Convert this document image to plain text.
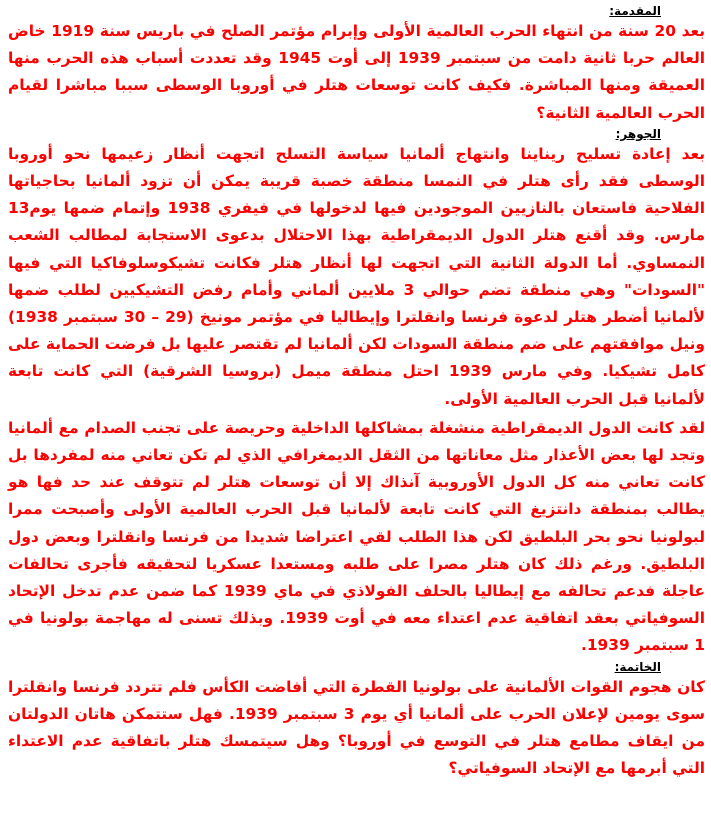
المقدمة:

بعد 20 سنة من انتهاء الحرب العالمية الأولى وإبرام مؤتمر الصلح في باريس سنة 1919 خاض العالم حربا ثانية دامت من سبتمبر 1939 إلى أوت 1945 وقد تعددت أسباب هذه الحرب منها العميقة ومنها المباشرة. فكيف كانت توسعات هتلر في أوروبا الوسطى سببا مباشرا لقيام الحرب العالمية الثانية؟

الجوهر:

بعد إعادة تسليح ريناينا وانتهاج ألمانيا سياسة التسلح اتجهت أنظار زعيمها نحو أوروبا الوسطى فقد رأى هتلر في النمسا منطقة خصبة قريبة يمكن أن تزود ألمانيا بحاجياتها الفلاحية فاستعان بالنازيين الموجودين فيها لدخولها في فيفري 1938 وإتمام ضمها يوم13 مارس. وقد أقنع هتلر الدول الديمقراطية بهذا الاحتلال بدعوى الاستجابة لمطالب الشعب النمساوي. أما الدولة الثانية التي اتجهت لها أنظار هتلر فكانت تشيكوسلوفاكيا التي فيها "السودات" وهي منطقة تضم حوالي 3 ملايين ألماني وأمام رفض التشيكيين لطلب ضمها لألمانيا أضطر هتلر لدعوة فرنسا وانقلترا وإيطاليا في مؤتمر مونيخ (29 – 30 سبتمبر 1938) ونيل موافقتهم على ضم منطقة السودات لكن ألمانيا لم تقتصر عليها بل فرضت الحماية على كامل تشيكيا. وفي مارس 1939 احتل منطقة ميمل (بروسيا الشرقية) التي كانت تابعة لألمانيا قبل الحرب العالمية الأولى.

لقد كانت الدول الديمقراطية منشغلة بمشاكلها الداخلية وحريصة على تجنب الصدام مع ألمانيا وتجد لها بعض الأعذار مثل معاناتها من الثقل الديمغرافي الذي لم تكن تعاني منه لمفردها بل كانت تعاني منه كل الدول الأوروبية آنذاك إلا أن توسعات هتلر لم تتوقف عند حد فها هو يطالب بمنطقة دانتزيغ التي كانت تابعة لألمانيا قبل الحرب العالمية الأولى وأصبحت ممرا لبولونيا نحو بحر البلطيق لكن هذا الطلب لقي اعتراضا شديدا من فرنسا وانقلترا وبعض دول البلطيق. ورغم ذلك كان هتلر مصرا على طلبه ومستعدا عسكريا لتحقيقه فأجرى تحالفات عاجلة فدعم تحالفه مع إيطاليا بالحلف الفولاذي في ماي 1939 كما ضمن عدم تدخل الإتحاد السوفياتي بعقد اتفاقية عدم اعتداء معه في أوت 1939. وبذلك تسنى له مهاجمة بولونيا في 1 سبتمبر 1939.

الخاتمة:

كان هجوم القوات الألمانية على بولونيا القطرة التي أفاضت الكأس فلم تتردد فرنسا وانقلترا سوى يومين لإعلان الحرب على ألمانيا أي يوم 3 سبتمبر 1939. فهل ستتمكن هاتان الدولتان من ايقاف مطامع هتلر في التوسع في أوروبا؟ وهل سيتمسك هتلر باتفاقية عدم الاعتداء التي أبرمها مع الإتحاد السوفياتي؟
